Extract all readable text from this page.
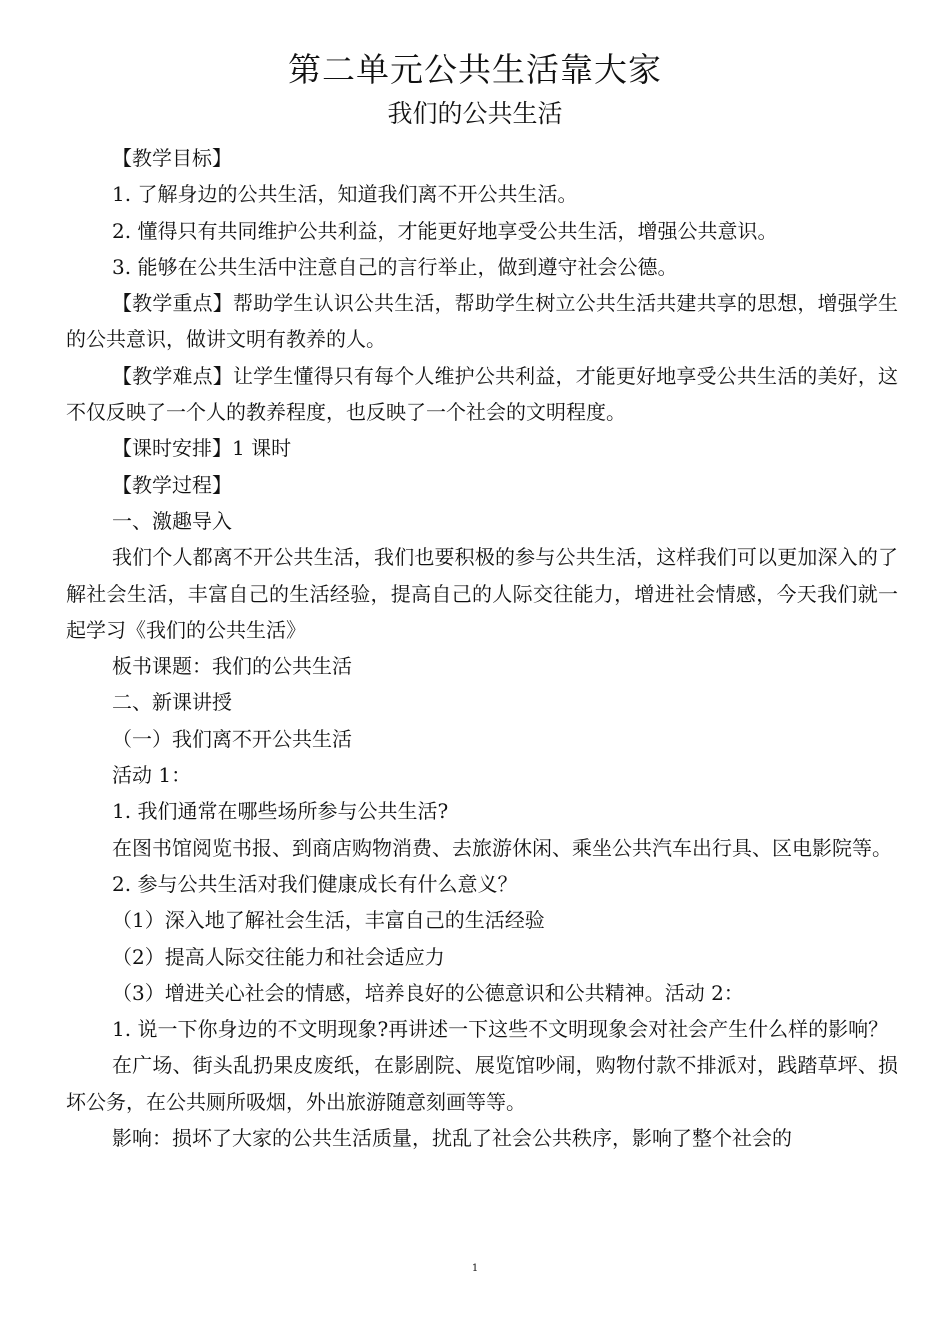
第二单元公共生活靠大家
我们的公共生活

【教学目标】

1. 了解身边的公共生活，知道我们离不开公共生活。

2. 懂得只有共同维护公共利益，才能更好地享受公共生活，增强公共意识。

3. 能够在公共生活中注意自己的言行举止，做到遵守社会公德。

【教学重点】帮助学生认识公共生活，帮助学生树立公共生活共建共享的思想，增强学生的公共意识，做讲文明有教养的人。

【教学难点】让学生懂得只有每个人维护公共利益，才能更好地享受公共生活的美好，这不仅反映了一个人的教养程度，也反映了一个社会的文明程度。

【课时安排】1 课时

【教学过程】

一、激趣导入

我们个人都离不开公共生活，我们也要积极的参与公共生活，这样我们可以更加深入的了解社会生活，丰富自己的生活经验，提高自己的人际交往能力，增进社会情感，今天我们就一起学习《我们的公共生活》

板书课题：我们的公共生活

二、新课讲授

（一）我们离不开公共生活

活动 1：

1. 我们通常在哪些场所参与公共生活?

在图书馆阅览书报、到商店购物消费、去旅游休闲、乘坐公共汽车出行具、区电影院等。

2. 参与公共生活对我们健康成长有什么意义？

（1）深入地了解社会生活，丰富自己的生活经验

（2）提高人际交往能力和社会适应力

（3）增进关心社会的情感，培养良好的公德意识和公共精神。活动 2：

1. 说一下你身边的不文明现象?再讲述一下这些不文明现象会对社会产生什么样的影响？

在广场、街头乱扔果皮废纸，在影剧院、展览馆吵闹，购物付款不排派对，践踏草坪、损坏公务，在公共厕所吸烟，外出旅游随意刻画等等。

影响：损坏了大家的公共生活质量，扰乱了社会公共秩序，影响了整个社会的

1
